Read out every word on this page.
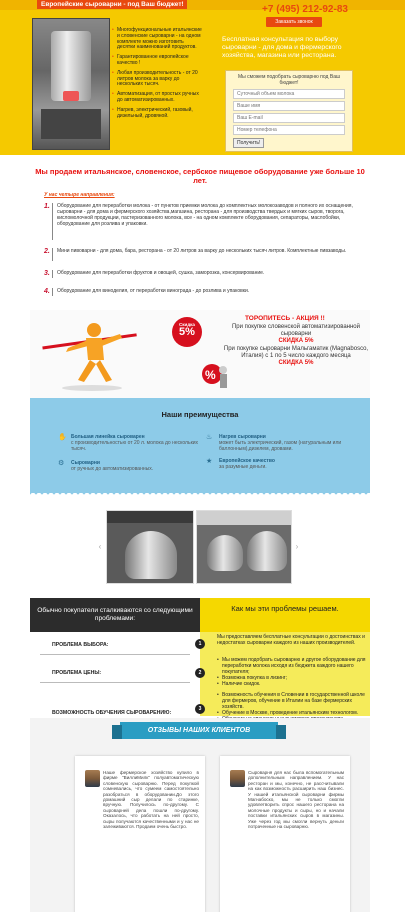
Европейские сыроварни - под Ваш бюджет!
• Многофункциональные итальянские и словенские сыроварни - на одном комплекте можно изготовить десятки наименований продуктов.
• Гарантированное европейское качество !
• Любая производительность - от 20 литров молока за варку до нескольких тысяч.
• Автоматизация, от простых ручных до автоматизированных.
• Нагрев, электрический, газовый, дизельный, дровяной.
+7 (495) 212-92-83
Заказать звонок
Бесплатная консультация по выбору сыроварни - для дома и фермерского хозяйства, магазина или ресторана.
Мы сможем подобрать сыроварню под Ваш бюджет!
Суточный объем молока
Ваше имя
Ваш E-mail
Номер телефона Получить!
Мы продаем итальянское, словенское, сербское пищевое оборудование уже больше 10 лет.
У нас четыре направления:
1. Оборудование для переработки молока - от пунктов приемки молока до комплектных молокозаводов и полного их оснащения, сыроварни - для дома и фермерского хозяйства,магазина, ресторана - для производства твердых и мягких сыров, творога, кисломолочной продукции, пастеризованного молока, все - на одном комплекте оборудования, сепараторы, маслобойки, оборудование для розлива и упаковки.
2. Мини пивоварни - для дома, бара, ресторана - от 20 литров за варку до нескольких тысяч литров. Комплектные пивзаводы.
3. Оборудование для переработки фруктов и овощей, сушка, заморозка, консервирование.
4. Оборудование для виноделия, от переработки винограда - до розлива и упаковки.
Скидка
5%
%
ТОРОПИТЕСЬ - АКЦИЯ !!
При покупке словенской автоматизированной сыроварни
СКИДКА 5%
При покупке сыроварни Мальгаматик (Magnabosco, Италия) с 1 по 5 число каждого месяца
СКИДКА 5%
Наши преимущества
✋ Большая линейка сыроварен
с производительностью от 20 л. молока до нескольких тысяч.
♨	Нагрев сыроварни
может быть электрический, газом (натуральным или баллонным),дизелем, дровами.
⚙	Сыроварни
от ручных до автоматизированных.
★	Европейское качество
за разумные деньги.
‹	›
Обычно покупатели сталкиваются со следующими проблемами:
Как мы эти проблемы решаем.
ПРОБЛЕМА ВЫБОРА:	1
Мы предоставляем бесплатные консультации о достоинствах и недостатках сыроварни каждого из наших производителей.
ПРОБЛЕМА ЦЕНЫ:	2
• Мы можем подобрать сыроварню и другое оборудование для переработки молока исходя из бюджета каждого нашего покупателя;
• Возможна покупка в лизинг;
• Наличие скидок.
ВОЗМОЖНОСТЬ ОБУЧЕНИЯ СЫРОВАРЕНИЮ:
3
• Возможность обучения в Словении в государственной школе для фермеров, обучение в Италии на базе фермерских хозяйств.
• Обучение в Москве, проведение итальянским технологом.
•
ОТЗЫВЫ НАШИХ КЛИЕНТОВ
Наше фермерское хозяйство купило в фирме "ВиллиМилк" полуавтоматическую словенскую сыроварню. Перед покупкой сомневались, что сумеем самостоятельно разобраться в оборудовании.До этого домашний сыр делали по старинке, вручную. Получилось по-другому. С сыроварней дела пошли по-другому. Оказалось, что работать на ней просто, сыры получаются качественными и у нас не залеживаются. Продаем очень быстро.
Сыроварня для нас была вспомогательным дополнительным направлением. У нас ресторан и мы, конечно, не рассчитывали на как возможность расширить наш бизнес. У нашей итальянской сыроварни фирмы Магнабоско, мы не только смогли удовлетворить спрос нашего ресторана на молочные продукты и сыры, но и начали поставки итальянских сыров в магазины. Уже через год мы смогли вернуть деньги потраченные на сыроварню.
